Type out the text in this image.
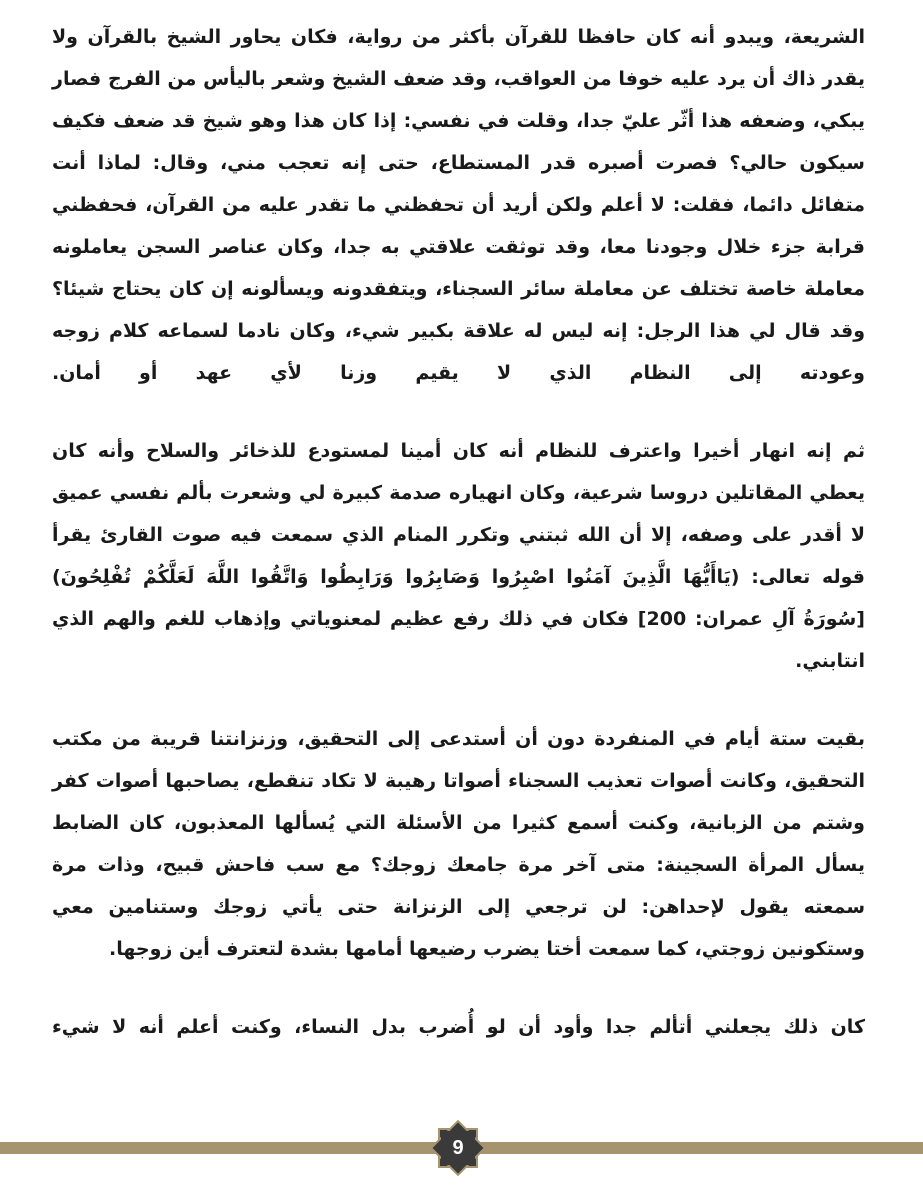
الشريعة، ويبدو أنه كان حافظا للقرآن بأكثر من رواية، فكان يحاور الشيخ بالقرآن ولا يقدر ذاك أن يرد عليه خوفا من العواقب، وقد ضعف الشيخ وشعر باليأس من الفرج فصار يبكي، وضعفه هذا أثّر عليّ جدا، وقلت في نفسي: إذا كان هذا وهو شيخ قد ضعف فكيف سيكون حالي؟ فصرت أصبره قدر المستطاع، حتى إنه تعجب مني، وقال: لماذا أنت متفائل دائما، فقلت: لا أعلم ولكن أريد أن تحفظني ما تقدر عليه من القرآن، فحفظني قرابة جزء خلال وجودنا معا، وقد توثقت علاقتي به جدا، وكان عناصر السجن يعاملونه معاملة خاصة تختلف عن معاملة سائر السجناء، ويتفقدونه ويسألونه إن كان يحتاج شيئا؟ وقد قال لي هذا الرجل: إنه ليس له علاقة بكبير شيء، وكان نادما لسماعه كلام زوجه وعودته إلى النظام الذي لا يقيم وزنا لأي عهد أو أمان.

ثم إنه انهار أخيرا واعترف للنظام أنه كان أمينا لمستودع للذخائر والسلاح وأنه كان يعطي المقاتلين دروسا شرعية، وكان انهياره صدمة كبيرة لي وشعرت بألم نفسي عميق لا أقدر على وصفه، إلا أن الله ثبتني وتكرر المنام الذي سمعت فيه صوت القارئ يقرأ قوله تعالى: (يَاأَيُّهَا الَّذِينَ آمَنُوا اصْبِرُوا وَصَابِرُوا وَرَابِطُوا وَاتَّقُوا اللَّهَ لَعَلَّكُمْ تُفْلِحُونَ) [سُورَةُ آلِ عمران: 200] فكان في ذلك رفع عظيم لمعنوياتي وإذهاب للغم والهم الذي انتابني.

بقيت ستة أيام في المنفردة دون أن أستدعى إلى التحقيق، وزنزانتنا قريبة من مكتب التحقيق، وكانت أصوات تعذيب السجناء أصواتا رهيبة لا تكاد تنقطع، يصاحبها أصوات كفر وشتم من الزبانية، وكنت أسمع كثيرا من الأسئلة التي يُسألها المعذبون، كان الضابط يسأل المرأة السجينة: متى آخر مرة جامعك زوجك؟ مع سب فاحش قبيح، وذات مرة سمعته يقول لإحداهن: لن ترجعي إلى الزنزانة حتى يأتي زوجك وستنامين معي وستكونين زوجتي، كما سمعت أختا يضرب رضيعها أمامها بشدة لتعترف أين زوجها.

كان ذلك يجعلني أتألم جدا وأود أن لو أُضرب بدل النساء، وكنت أعلم أنه لا شيء

9
